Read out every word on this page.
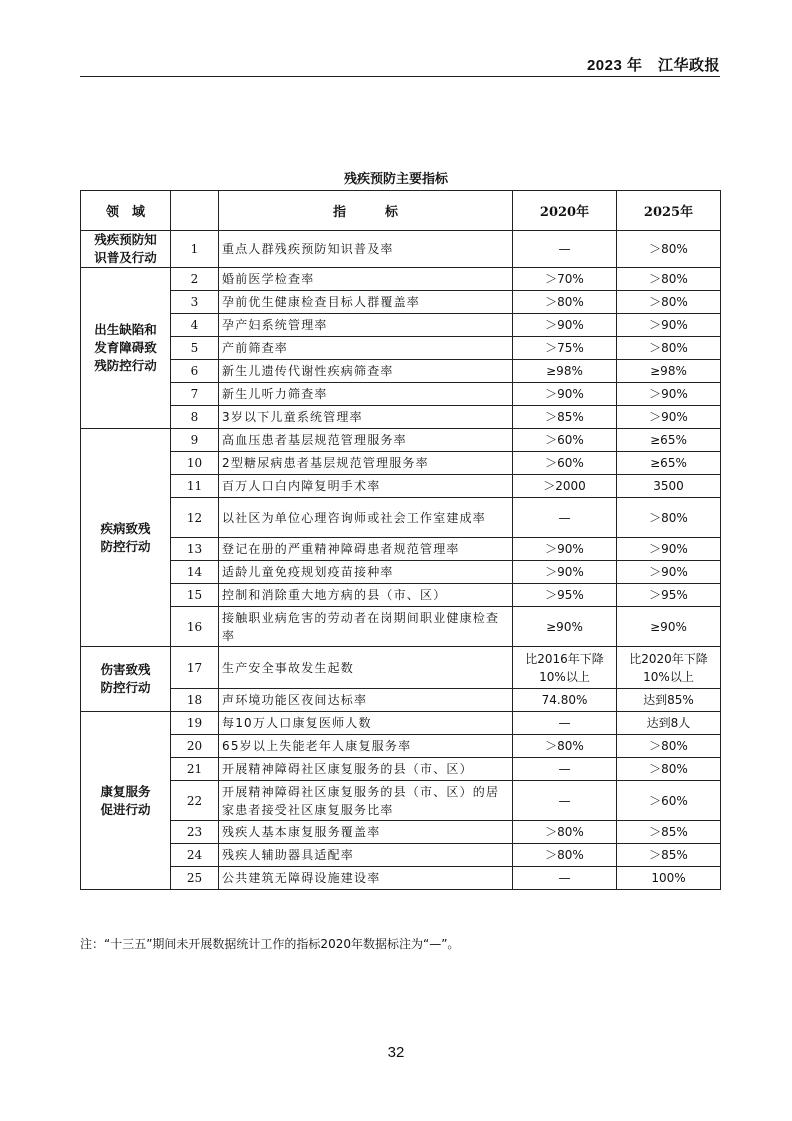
2023 年　江华政报
残疾预防主要指标
领　域		指　　　标	2020年	2025年

残疾预防知
识普及行动	1	重点人群残疾预防知识普及率	—	＞80%

出生缺陷和
发育障碍致
残防控行动	2	婚前医学检查率	＞70%	＞80%
	3	孕前优生健康检查目标人群覆盖率	＞80%	＞80%
	4	孕产妇系统管理率	＞90%	＞90%
	5	产前筛查率	＞75%	＞80%
	6	新生儿遗传代谢性疾病筛查率	≥98%	≥98%
	7	新生儿听力筛查率	＞90%	＞90%
	8	3岁以下儿童系统管理率	＞85%	＞90%

疾病致残
防控行动	9	高血压患者基层规范管理服务率	＞60%	≥65%
	10	2型糖尿病患者基层规范管理服务率	＞60%	≥65%
	11	百万人口白内障复明手术率	＞2000	3500
	12	以社区为单位心理咨询师或社会工作室建成率	—	＞80%
	13	登记在册的严重精神障碍患者规范管理率	＞90%	＞90%
	14	适龄儿童免疫规划疫苗接种率	＞90%	＞90%
	15	控制和消除重大地方病的县（市、区）	＞95%	＞95%
	16	接触职业病危害的劳动者在岗期间职业健康检查率	≥90%	≥90%

伤害致残
防控行动	17	生产安全事故发生起数	比2016年下降10%以上	比2020年下降10%以上
	18	声环境功能区夜间达标率	74.80%	达到85%

康复服务
促进行动	19	每10万人口康复医师人数	—	达到8人
	20	65岁以上失能老年人康复服务率	＞80%	＞80%
	21	开展精神障碍社区康复服务的县（市、区）	—	＞80%
	22	开展精神障碍社区康复服务的县（市、区）的居家患者接受社区康复服务比率	—	＞60%
	23	残疾人基本康复服务覆盖率	＞80%	＞85%
	24	残疾人辅助器具适配率	＞80%	＞85%
	25	公共建筑无障碍设施建设率	—	100%
注：“十三五”期间未开展数据统计工作的指标2020年数据标注为“—”。
32
